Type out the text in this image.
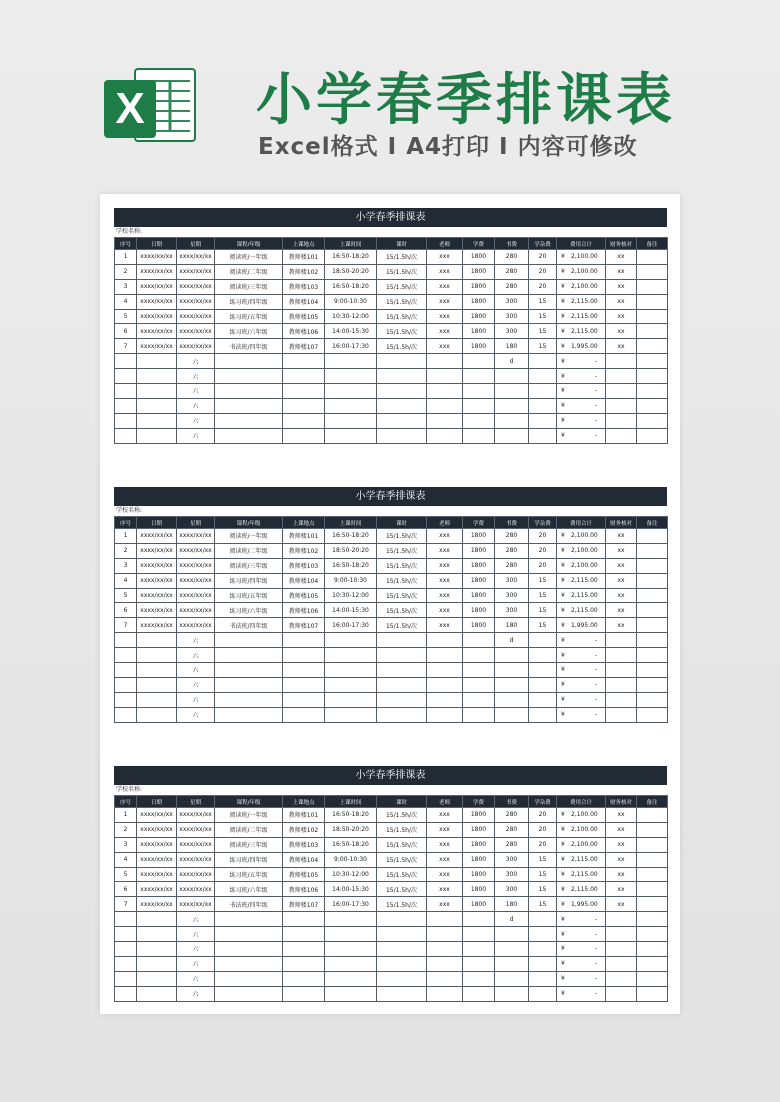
X 小学春季排课表
Excel格式 I A4打印 I 内容可修改
小学春季排课表
学校名称:
序号	日期	星期	课程/年级	上课地点	上课时间	课时	老师	学费	书费	学杂费	费用合计	财务核对	备注
1	xxxx/xx/xx	xxxx/xx/xx	阅读班/一年级	教师楼101	16:50-18:20	15/1.5h/次	xxx	1800	280	20	¥ 2,100.00	xx	
2	xxxx/xx/xx	xxxx/xx/xx	阅读班/二年级	教师楼102	18:50-20:20	15/1.5h/次	xxx	1800	280	20	¥ 2,100.00	xx	
3	xxxx/xx/xx	xxxx/xx/xx	阅读班/三年级	教师楼103	16:50-18:20	15/1.5h/次	xxx	1800	280	20	¥ 2,100.00	xx	
4	xxxx/xx/xx	xxxx/xx/xx	练习班/四年级	教师楼104	9:00-10:30	15/1.5h/次	xxx	1800	300	15	¥ 2,115.00	xx	
5	xxxx/xx/xx	xxxx/xx/xx	练习班/五年级	教师楼105	10:30-12:00	15/1.5h/次	xxx	1800	300	15	¥ 2,115.00	xx	
6	xxxx/xx/xx	xxxx/xx/xx	练习班/六年级	教师楼106	14:00-15:30	15/1.5h/次	xxx	1800	300	15	¥ 2,115.00	xx	
7	xxxx/xx/xx	xxxx/xx/xx	书法班/四年级	教师楼107	16:00-17:30	15/1.5h/次	xxx	1800	180	15	¥ 1,995.00	xx	
		六							d		¥ -		
		六									¥ -		
		六									¥ -		
		六									¥ -		
		六									¥ -		
		六									¥ -		
小学春季排课表
学校名称:
序号	日期	星期	课程/年级	上课地点	上课时间	课时	老师	学费	书费	学杂费	费用合计	财务核对	备注
1	xxxx/xx/xx	xxxx/xx/xx	阅读班/一年级	教师楼101	16:50-18:20	15/1.5h/次	xxx	1800	280	20	¥ 2,100.00	xx	
2	xxxx/xx/xx	xxxx/xx/xx	阅读班/二年级	教师楼102	18:50-20:20	15/1.5h/次	xxx	1800	280	20	¥ 2,100.00	xx	
3	xxxx/xx/xx	xxxx/xx/xx	阅读班/三年级	教师楼103	16:50-18:20	15/1.5h/次	xxx	1800	280	20	¥ 2,100.00	xx	
4	xxxx/xx/xx	xxxx/xx/xx	练习班/四年级	教师楼104	9:00-10:30	15/1.5h/次	xxx	1800	300	15	¥ 2,115.00	xx	
5	xxxx/xx/xx	xxxx/xx/xx	练习班/五年级	教师楼105	10:30-12:00	15/1.5h/次	xxx	1800	300	15	¥ 2,115.00	xx	
6	xxxx/xx/xx	xxxx/xx/xx	练习班/六年级	教师楼106	14:00-15:30	15/1.5h/次	xxx	1800	300	15	¥ 2,115.00	xx	
7	xxxx/xx/xx	xxxx/xx/xx	书法班/四年级	教师楼107	16:00-17:30	15/1.5h/次	xxx	1800	180	15	¥ 1,995.00	xx	
		六							d		¥ -		
		六									¥ -		
		六									¥ -		
		六									¥ -		
		六									¥ -		
		六									¥ -		
小学春季排课表
学校名称:
序号	日期	星期	课程/年级	上课地点	上课时间	课时	老师	学费	书费	学杂费	费用合计	财务核对	备注
1	xxxx/xx/xx	xxxx/xx/xx	阅读班/一年级	教师楼101	16:50-18:20	15/1.5h/次	xxx	1800	280	20	¥ 2,100.00	xx	
2	xxxx/xx/xx	xxxx/xx/xx	阅读班/二年级	教师楼102	18:50-20:20	15/1.5h/次	xxx	1800	280	20	¥ 2,100.00	xx	
3	xxxx/xx/xx	xxxx/xx/xx	阅读班/三年级	教师楼103	16:50-18:20	15/1.5h/次	xxx	1800	280	20	¥ 2,100.00	xx	
4	xxxx/xx/xx	xxxx/xx/xx	练习班/四年级	教师楼104	9:00-10:30	15/1.5h/次	xxx	1800	300	15	¥ 2,115.00	xx	
5	xxxx/xx/xx	xxxx/xx/xx	练习班/五年级	教师楼105	10:30-12:00	15/1.5h/次	xxx	1800	300	15	¥ 2,115.00	xx	
6	xxxx/xx/xx	xxxx/xx/xx	练习班/六年级	教师楼106	14:00-15:30	15/1.5h/次	xxx	1800	300	15	¥ 2,115.00	xx	
7	xxxx/xx/xx	xxxx/xx/xx	书法班/四年级	教师楼107	16:00-17:30	15/1.5h/次	xxx	1800	180	15	¥ 1,995.00	xx	
		六							d		¥ -		
		六									¥ -		
		六									¥ -		
		六									¥ -		
		六									¥ -		
		六									¥ -		
